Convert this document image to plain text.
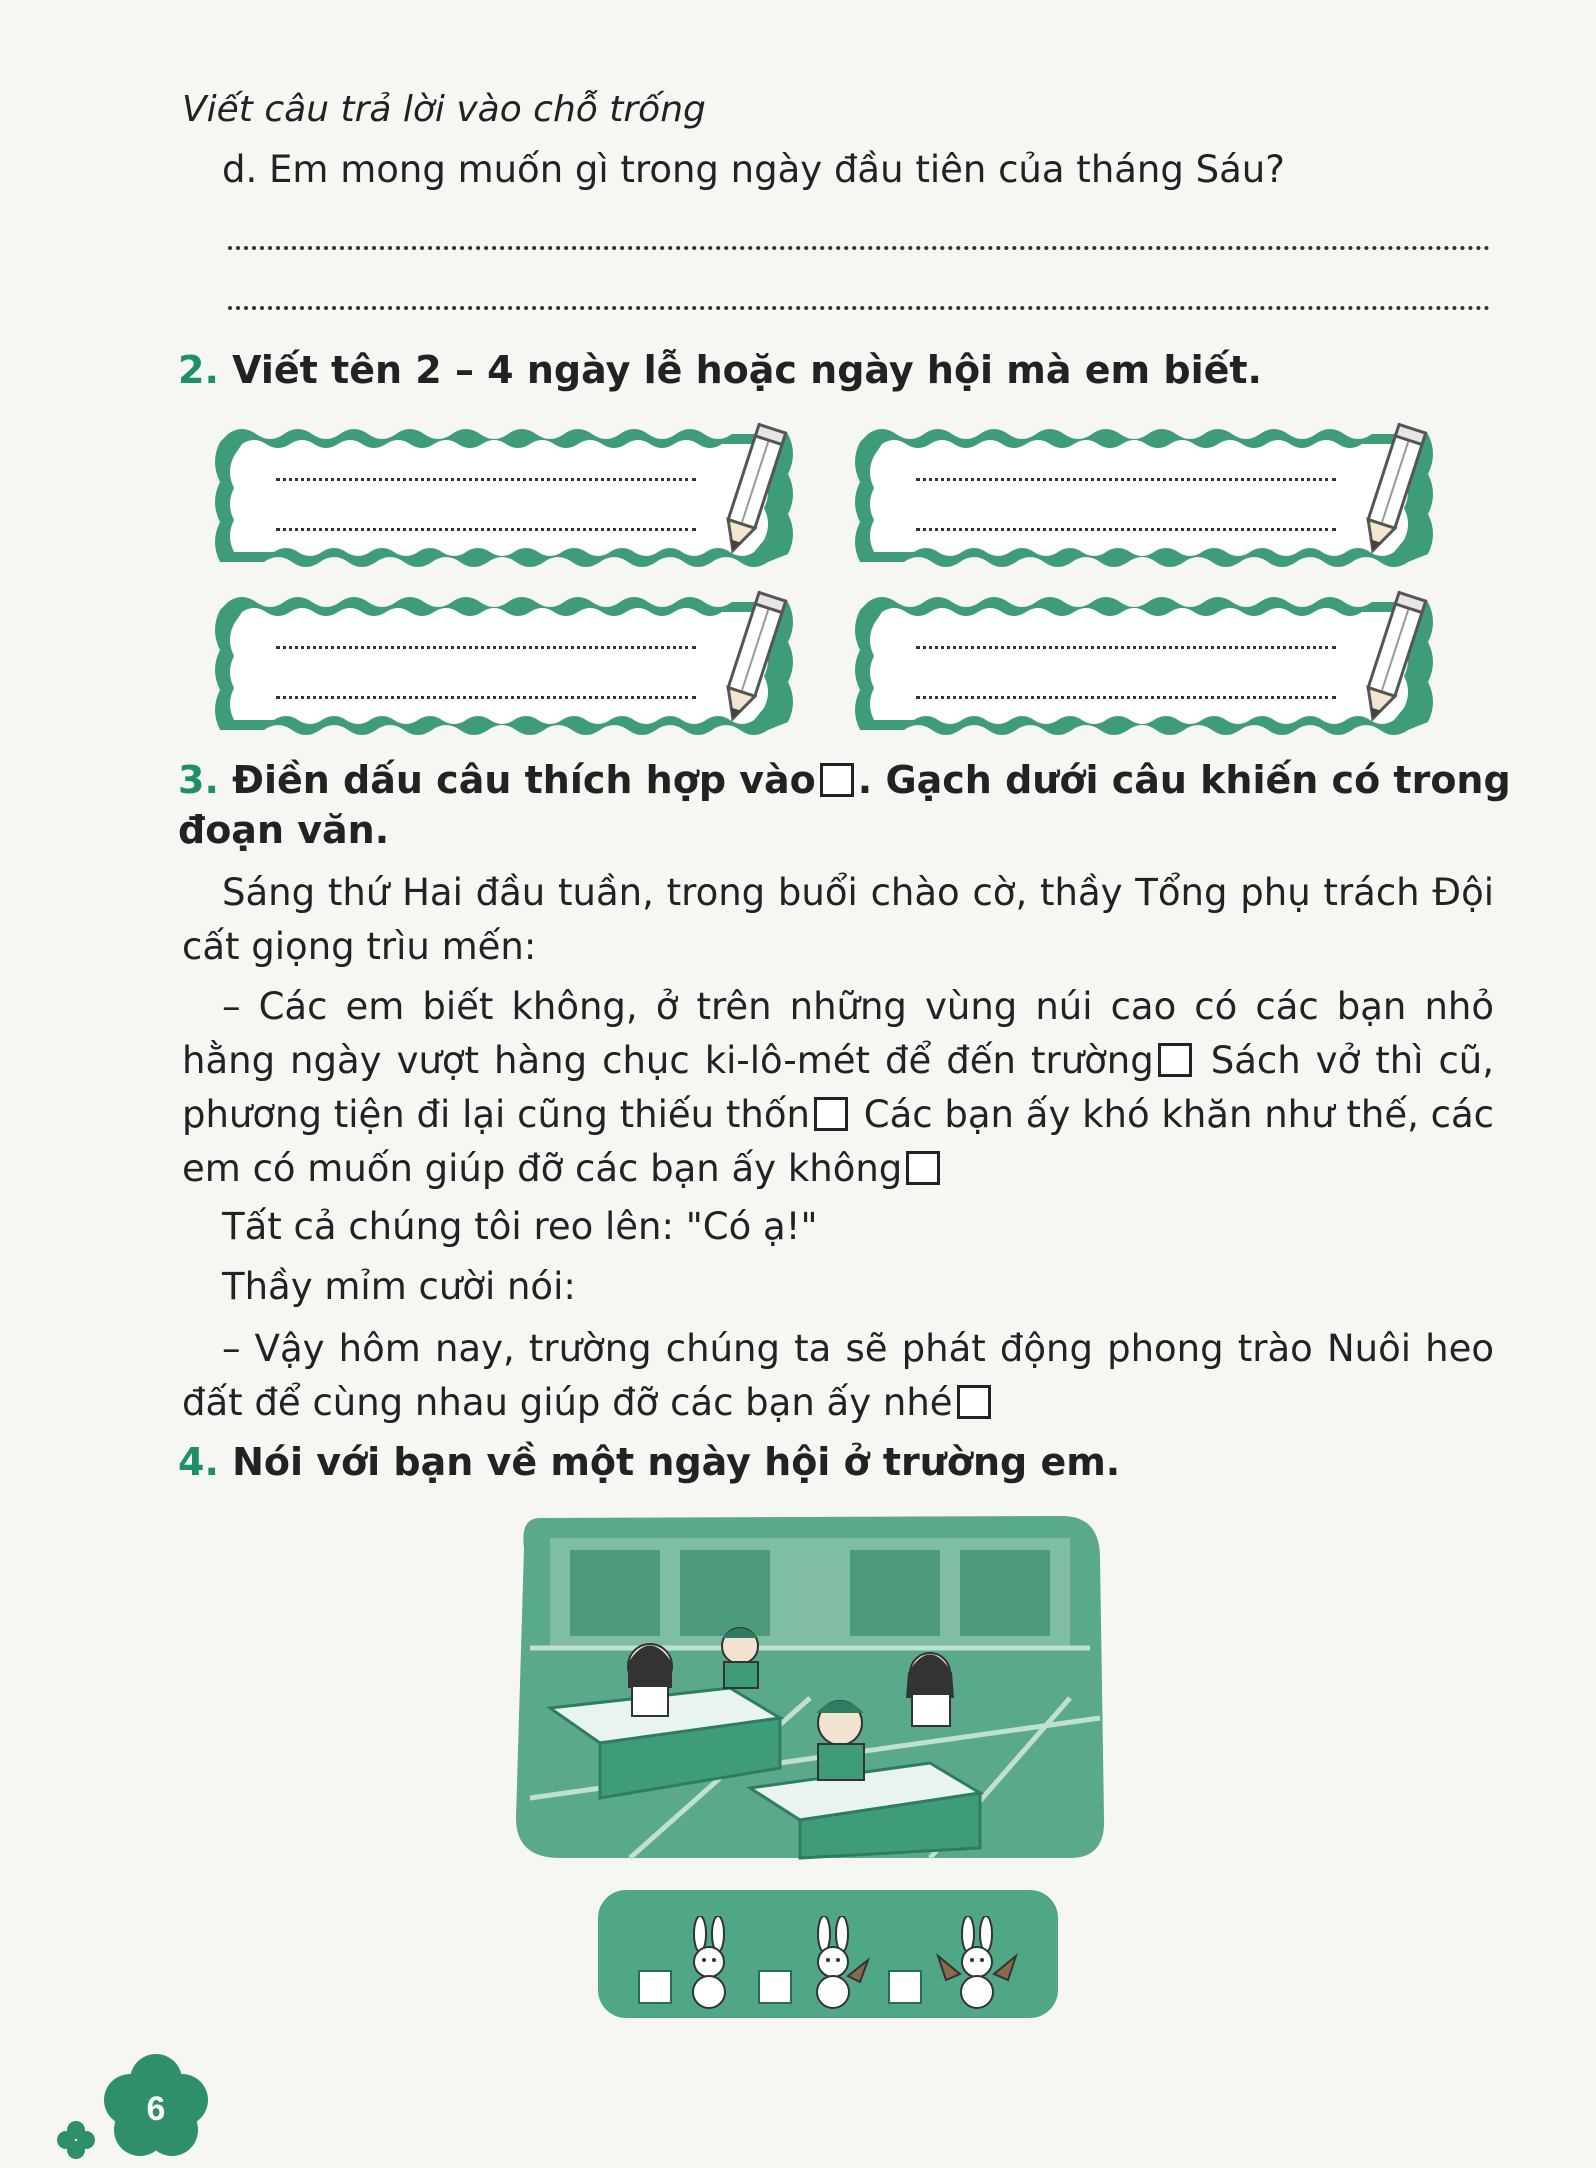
Viết câu trả lời vào chỗ trống
d. Em mong muốn gì trong ngày đầu tiên của tháng Sáu?
2. Viết tên 2 – 4 ngày lễ hoặc ngày hội mà em biết.
3. Điền dấu câu thích hợp vào . Gạch dưới câu khiến có trong
đoạn văn.
Sáng thứ Hai đầu tuần, trong buổi chào cờ, thầy Tổng phụ trách Đội cất giọng trìu mến:
– Các em biết không, ở trên những vùng núi cao có các bạn nhỏ hằng ngày vượt hàng chục ki-lô-mét để đến trường Sách vở thì cũ, phương tiện đi lại cũng thiếu thốn Các bạn ấy khó khăn như thế, các em có muốn giúp đỡ các bạn ấy không
Tất cả chúng tôi reo lên: "Có ạ!"
Thầy mỉm cười nói:
– Vậy hôm nay, trường chúng ta sẽ phát động phong trào Nuôi heo đất để cùng nhau giúp đỡ các bạn ấy nhé
4. Nói với bạn về một ngày hội ở trường em.
6
